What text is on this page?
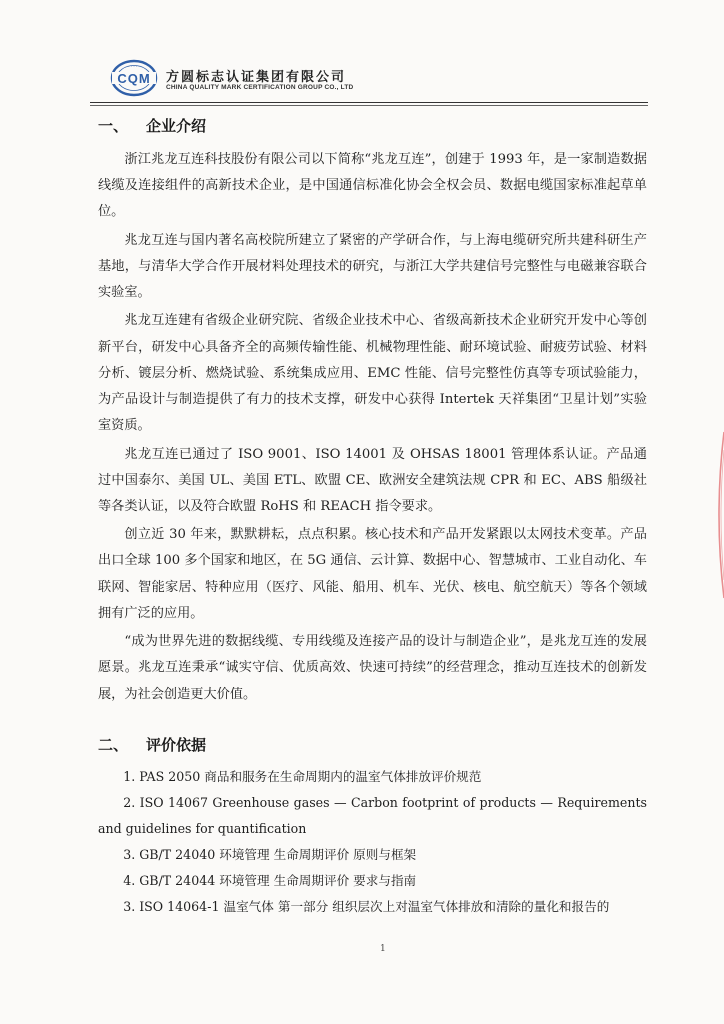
CQM
· · · · ·
方圆标志认证集团有限公司
CHINA QUALITY MARK CERTIFICATION GROUP CO., LTD
一、 企业介绍

浙江兆龙互连科技股份有限公司以下简称“兆龙互连”，创建于 1993 年，是一家制造数据线缆及连接组件的高新技术企业，是中国通信标准化协会全权会员、数据电缆国家标准起草单位。

兆龙互连与国内著名高校院所建立了紧密的产学研合作，与上海电缆研究所共建科研生产基地，与清华大学合作开展材料处理技术的研究，与浙江大学共建信号完整性与电磁兼容联合实验室。

兆龙互连建有省级企业研究院、省级企业技术中心、省级高新技术企业研究开发中心等创新平台，研发中心具备齐全的高频传输性能、机械物理性能、耐环境试验、耐疲劳试验、材料分析、镀层分析、燃烧试验、系统集成应用、EMC 性能、信号完整性仿真等专项试验能力，为产品设计与制造提供了有力的技术支撑，研发中心获得 Intertek 天祥集团“卫星计划”实验室资质。

兆龙互连已通过了 ISO 9001、ISO 14001 及 OHSAS 18001 管理体系认证。产品通过中国泰尔、美国 UL、美国 ETL、欧盟 CE、欧洲安全建筑法规 CPR 和 EC、ABS 船级社等各类认证，以及符合欧盟 RoHS 和 REACH 指令要求。

创立近 30 年来，默默耕耘，点点积累。核心技术和产品开发紧跟以太网技术变革。产品出口全球 100 多个国家和地区，在 5G 通信、云计算、数据中心、智慧城市、工业自动化、车联网、智能家居、特种应用（医疗、风能、船用、机车、光伏、核电、航空航天）等各个领域拥有广泛的应用。

“成为世界先进的数据线缆、专用线缆及连接产品的设计与制造企业”，是兆龙互连的发展愿景。兆龙互连秉承“诚实守信、优质高效、快速可持续”的经营理念，推动互连技术的创新发展，为社会创造更大价值。

二、 评价依据

1. PAS 2050 商品和服务在生命周期内的温室气体排放评价规范

2. ISO 14067 Greenhouse gases — Carbon footprint of products — Requirements and guidelines for quantification

3. GB/T 24040 环境管理 生命周期评价 原则与框架

4. GB/T 24044 环境管理 生命周期评价 要求与指南

3. ISO 14064-1 温室气体 第一部分 组织层次上对温室气体排放和清除的量化和报告的

1
